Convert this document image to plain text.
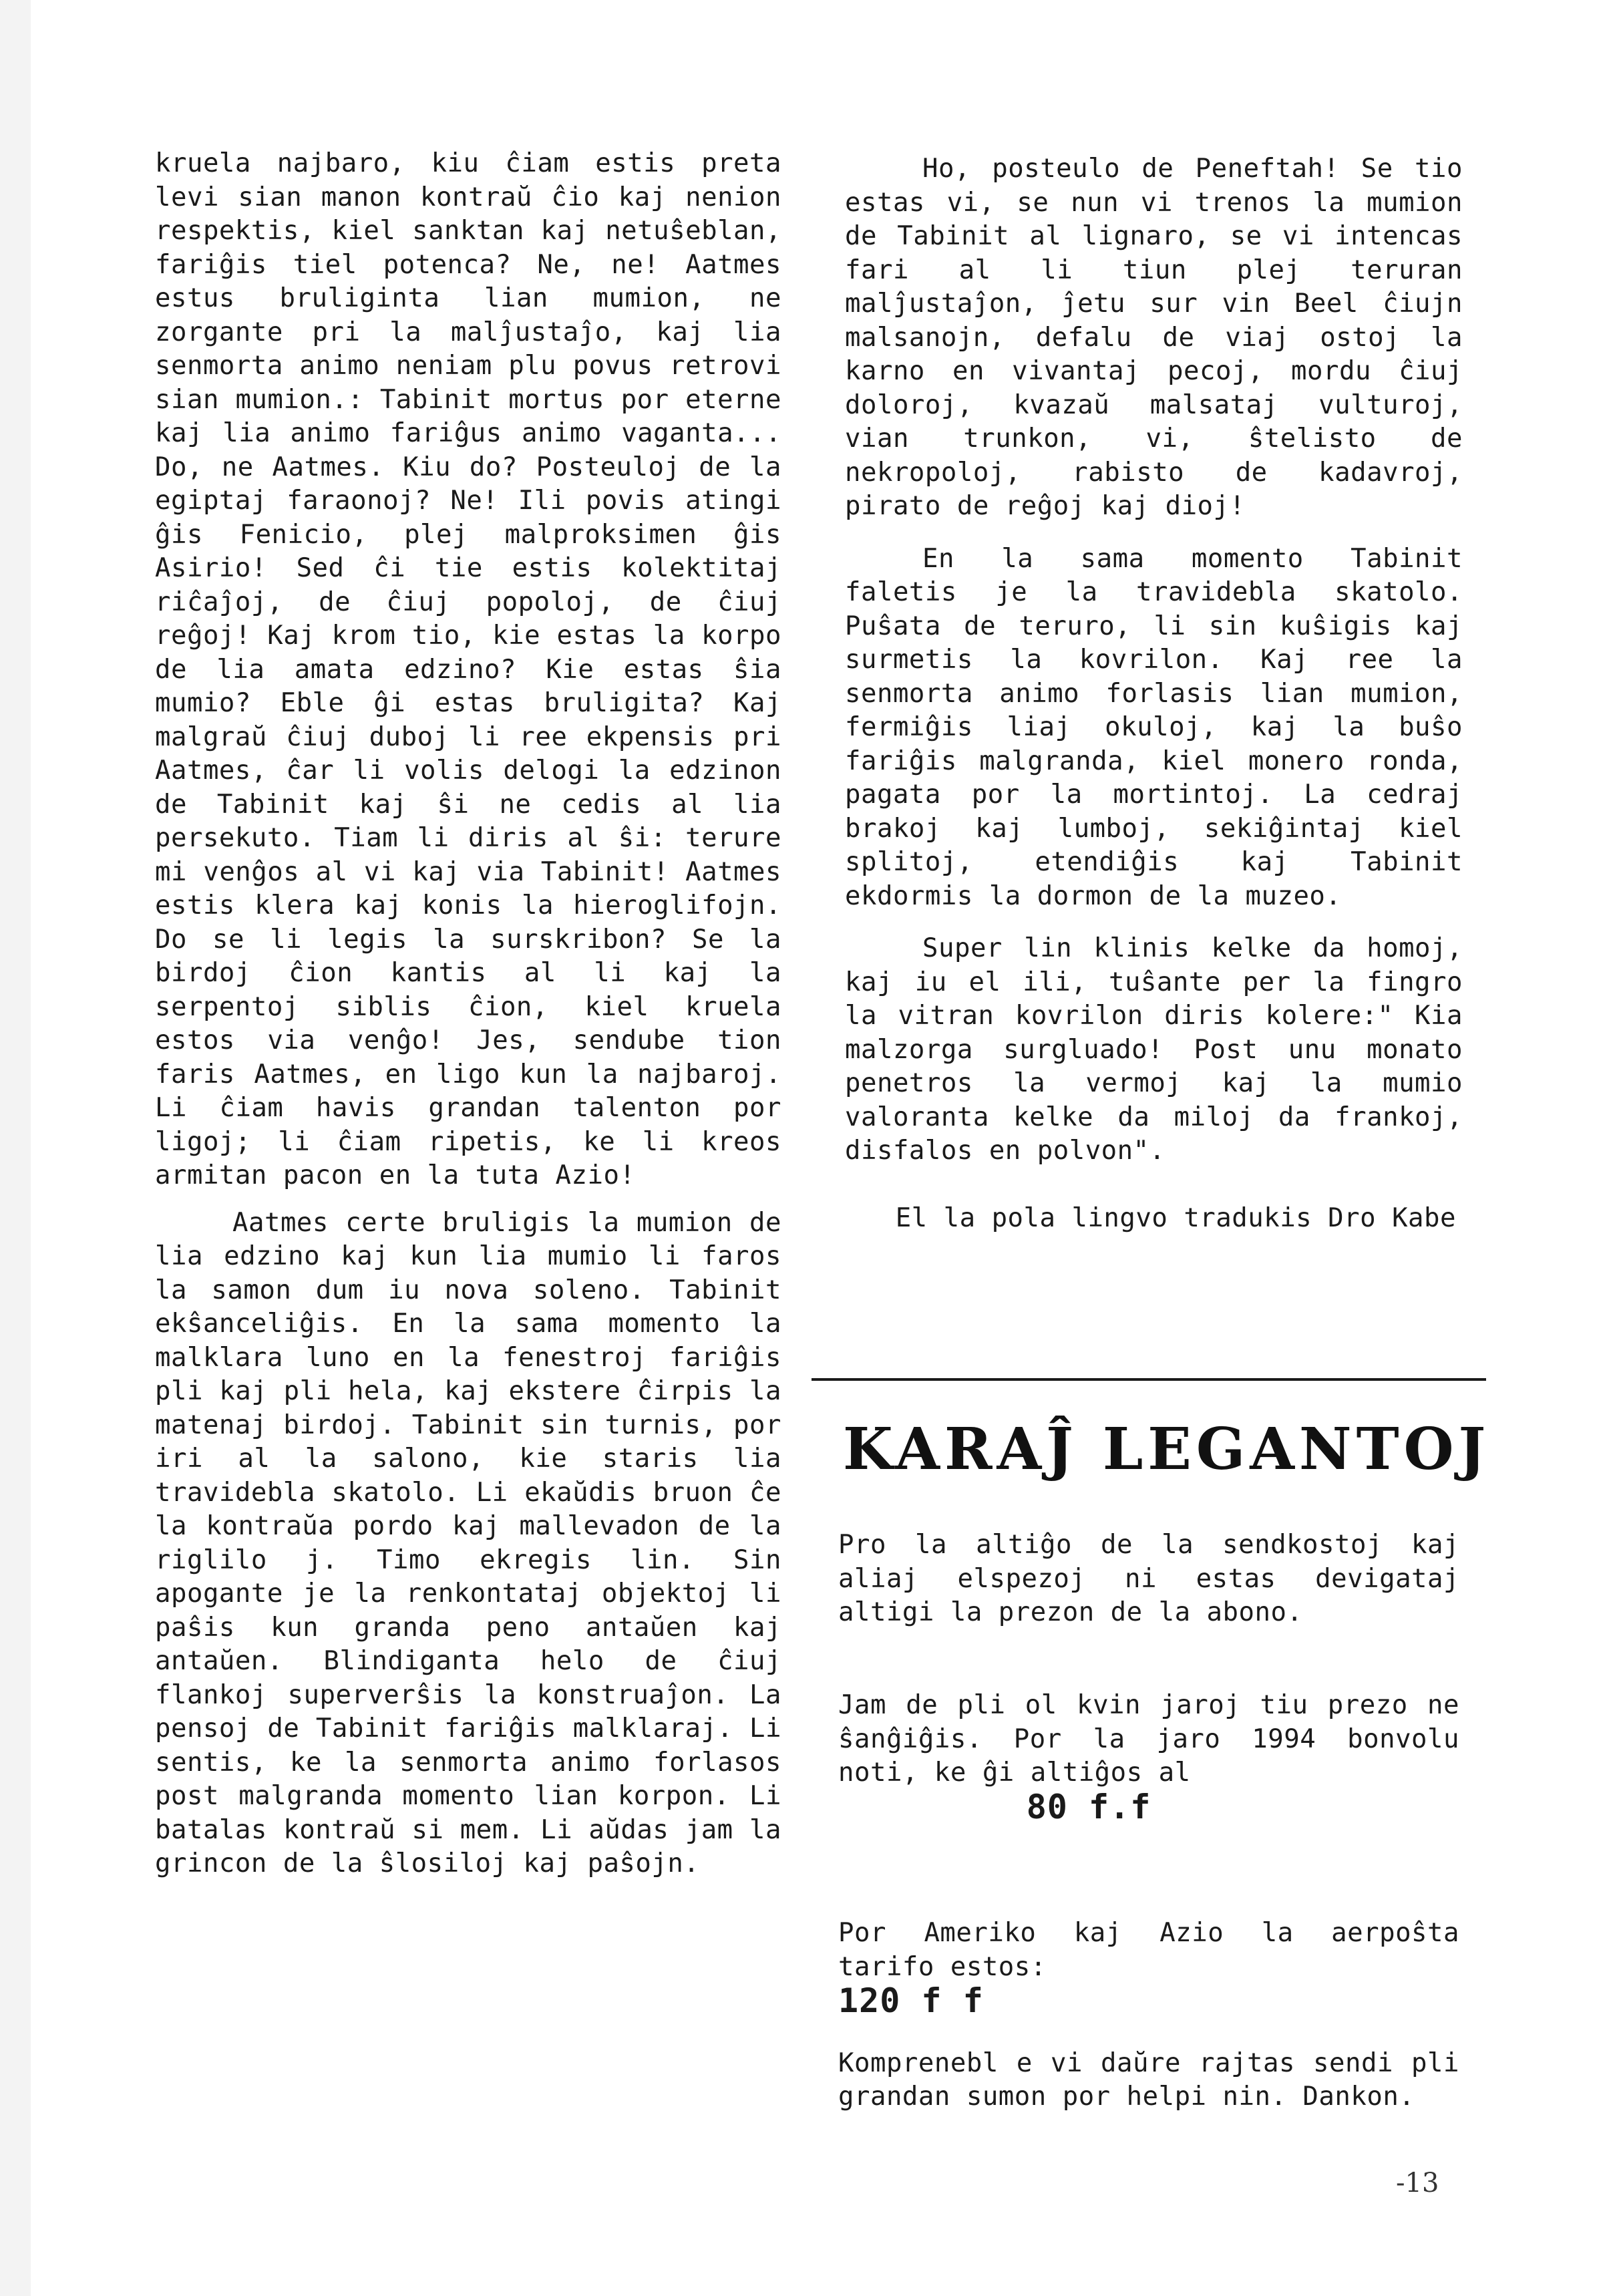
kruela najbaro, kiu ĉiam estis preta levi sian manon kontraŭ ĉio kaj nenion respektis, kiel sanktan kaj netuŝeblan, fariĝis tiel potenca? Ne, ne! Aatmes estus bruliginta lian mumion, ne zorgante pri la malĵustaĵo, kaj lia senmorta animo neniam plu povus retrovi sian mumion.: Tabinit mortus por eterne kaj lia animo fariĝus animo vaganta... Do, ne Aatmes. Kiu do? Posteuloj de la egiptaj faraonoj? Ne! Ili povis atingi ĝis Fenicio, plej malproksimen ĝis Asirio! Sed ĉi tie estis kolektitaj riĉaĵoj, de ĉiuj popoloj, de ĉiuj reĝoj! Kaj krom tio, kie estas la korpo de lia amata edzino? Kie estas ŝia mumio? Eble ĝi estas bruligita? Kaj malgraŭ ĉiuj duboj li ree ekpensis pri Aatmes, ĉar li volis delogi la edzinon de Tabinit kaj ŝi ne cedis al lia persekuto. Tiam li diris al ŝi: terure mi venĝos al vi kaj via Tabinit! Aatmes estis klera kaj konis la hieroglifojn. Do se li legis la surskribon? Se la birdoj ĉion kantis al li kaj la serpentoj siblis ĉion, kiel kruela estos via venĝo! Jes, sendube tion faris Aatmes, en ligo kun la najbaroj. Li ĉiam havis grandan talenton por ligoj; li ĉiam ripetis, ke li kreos armitan pacon en la tuta Azio!

Aatmes certe bruligis la mumion de lia edzino kaj kun lia mumio li faros la samon dum iu nova soleno. Tabinit ekŝanceliĝis. En la sama momento la malklara luno en la fenestroj fariĝis pli kaj pli hela, kaj ekstere ĉirpis la matenaj birdoj. Tabinit sin turnis, por iri al la salono, kie staris lia travidebla skatolo. Li ekaŭdis bruon ĉe la kontraŭa pordo kaj mallevadon de la riglilo j. Timo ekregis lin. Sin apogante je la renkontataj objektoj li paŝis kun granda peno antaŭen kaj antaŭen. Blindiganta helo de ĉiuj flankoj superverŝis la konstruaĵon. La pensoj de Tabinit fariĝis malklaraj. Li sentis, ke la senmorta animo forlasos post malgranda momento lian korpon. Li batalas kontraŭ si mem. Li aŭdas jam la grincon de la ŝlosiloj kaj paŝojn.

Ho, posteulo de Peneftah! Se tio estas vi, se nun vi trenos la mumion de Tabinit al lignaro, se vi intencas fari al li tiun plej teruran malĵustaĵon, ĵetu sur vin Beel ĉiujn malsanojn, defalu de viaj ostoj la karno en vivantaj pecoj, mordu ĉiuj doloroj, kvazaŭ malsataj vulturoj, vian trunkon, vi, ŝtelisto de nekropoloj, rabisto de kadavroj, pirato de reĝoj kaj dioj!

En la sama momento Tabinit faletis je la travidebla skatolo. Puŝata de teruro, li sin kuŝigis kaj surmetis la kovrilon. Kaj ree la senmorta animo forlasis lian mumion, fermiĝis liaj okuloj, kaj la buŝo fariĝis malgranda, kiel monero ronda, pagata por la mortintoj. La cedraj brakoj kaj lumboj, sekiĝintaj kiel splitoj, etendiĝis kaj Tabinit ekdormis la dormon de la muzeo.

Super lin klinis kelke da homoj, kaj iu el ili, tuŝante per la fingro la vitran kovrilon diris kolere:" Kia malzorga surgluado! Post unu monato penetros la vermoj kaj la mumio valoranta kelke da miloj da frankoj, disfalos en polvon".

El la pola lingvo tradukis Dro Kabe

KARAĴ LEGANTOJ

Pro la altiĝo de la sendkostoj kaj aliaj elspezoj ni estas devigataj altigi la prezon de la abono.

Jam de pli ol kvin jaroj tiu prezo ne ŝanĝiĝis. Por la jaro 1994 bonvolu noti, ke ĝi altiĝos al

80 f.f

Por Ameriko kaj Azio la aerpoŝta tarifo estos:
120 f f

Komprenebl e vi daŭre rajtas sendi pli grandan sumon por helpi nin. Dankon.

-13
